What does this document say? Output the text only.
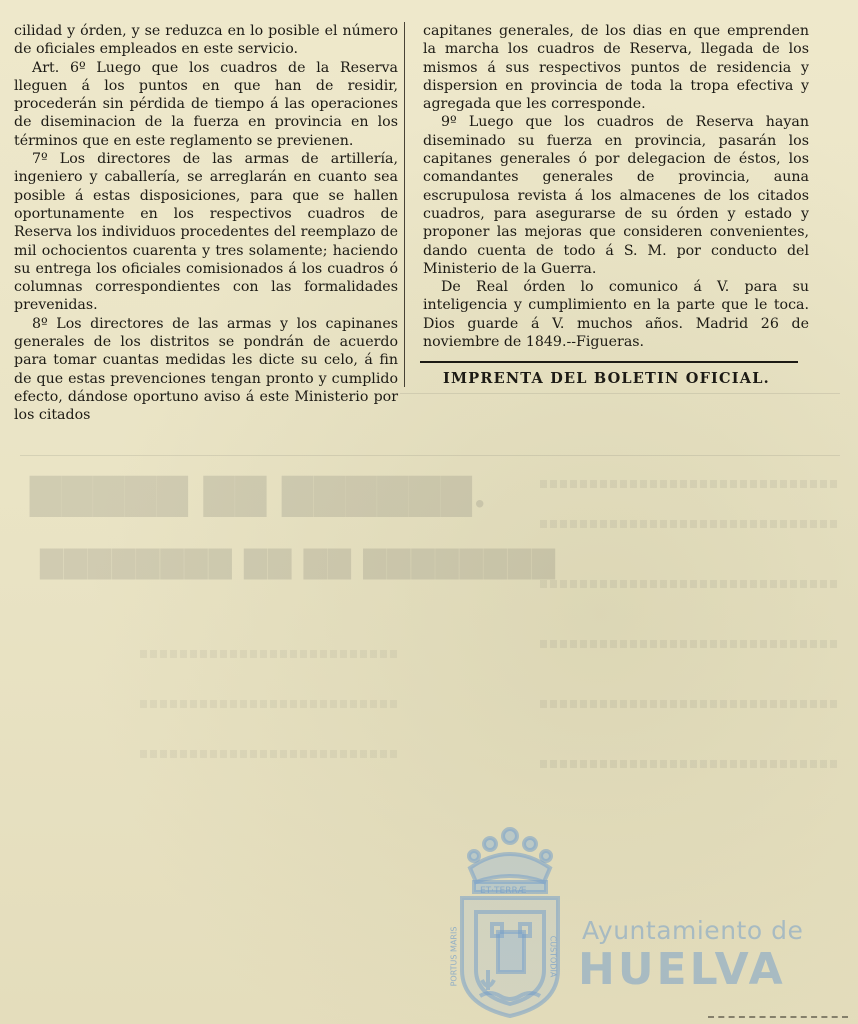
▇▇▇▇▇ ▇▇ ▇▇▇▇▇▇.
▇▇▇▇▇▇▇▇ ▇▇ ▇▇ ▇▇▇▇▇▇▇▇

cilidad y órden, y se reduzca en lo posible el número de oficiales empleados en este servicio.

Art. 6º Luego que los cuadros de la Reserva lleguen á los puntos en que han de residir, procederán sin pérdida de tiempo á las operaciones de diseminacion de la fuerza en provincia en los términos que en este reglamento se previenen.

7º Los directores de las armas de artillería, ingeniero y caballería, se arreglarán en cuanto sea posible á estas disposiciones, para que se hallen oportunamente en los respectivos cuadros de Reserva los individuos procedentes del reemplazo de mil ochocientos cuarenta y tres solamente; haciendo su entrega los oficiales comisionados á los cuadros ó columnas correspondientes con las formalidades prevenidas.

8º Los directores de las armas y los capinanes generales de los distritos se pondrán de acuerdo para tomar cuantas medidas les dicte su celo, á fin de que estas prevenciones tengan pronto y cumplido efecto, dándose oportuno aviso á este Ministerio por los citados

capitanes generales, de los dias en que emprenden la marcha los cuadros de Reserva, llegada de los mismos á sus respectivos puntos de residencia y dispersion en provincia de toda la tropa efectiva y agregada que les corresponde.

9º Luego que los cuadros de Reserva hayan diseminado su fuerza en provincia, pasarán los capitanes generales ó por delegacion de éstos, los comandantes generales de provincia, auna escrupulosa revista á los almacenes de los citados cuadros, para asegurarse de su órden y estado y proponer las mejoras que consideren convenientes, dando cuenta de todo á S. M. por conducto del Ministerio de la Guerra.

De Real órden lo comunico á V. para su inteligencia y cumplimiento en la parte que le toca. Dios guarde á V. muchos años. Madrid 26 de noviembre de 1849.--Figueras.

IMPRENTA DEL BOLETIN OFICIAL.
ET·TERRÆ
PORTUS MARIS	CUSTODIA
Ayuntamiento de
HUELVA
